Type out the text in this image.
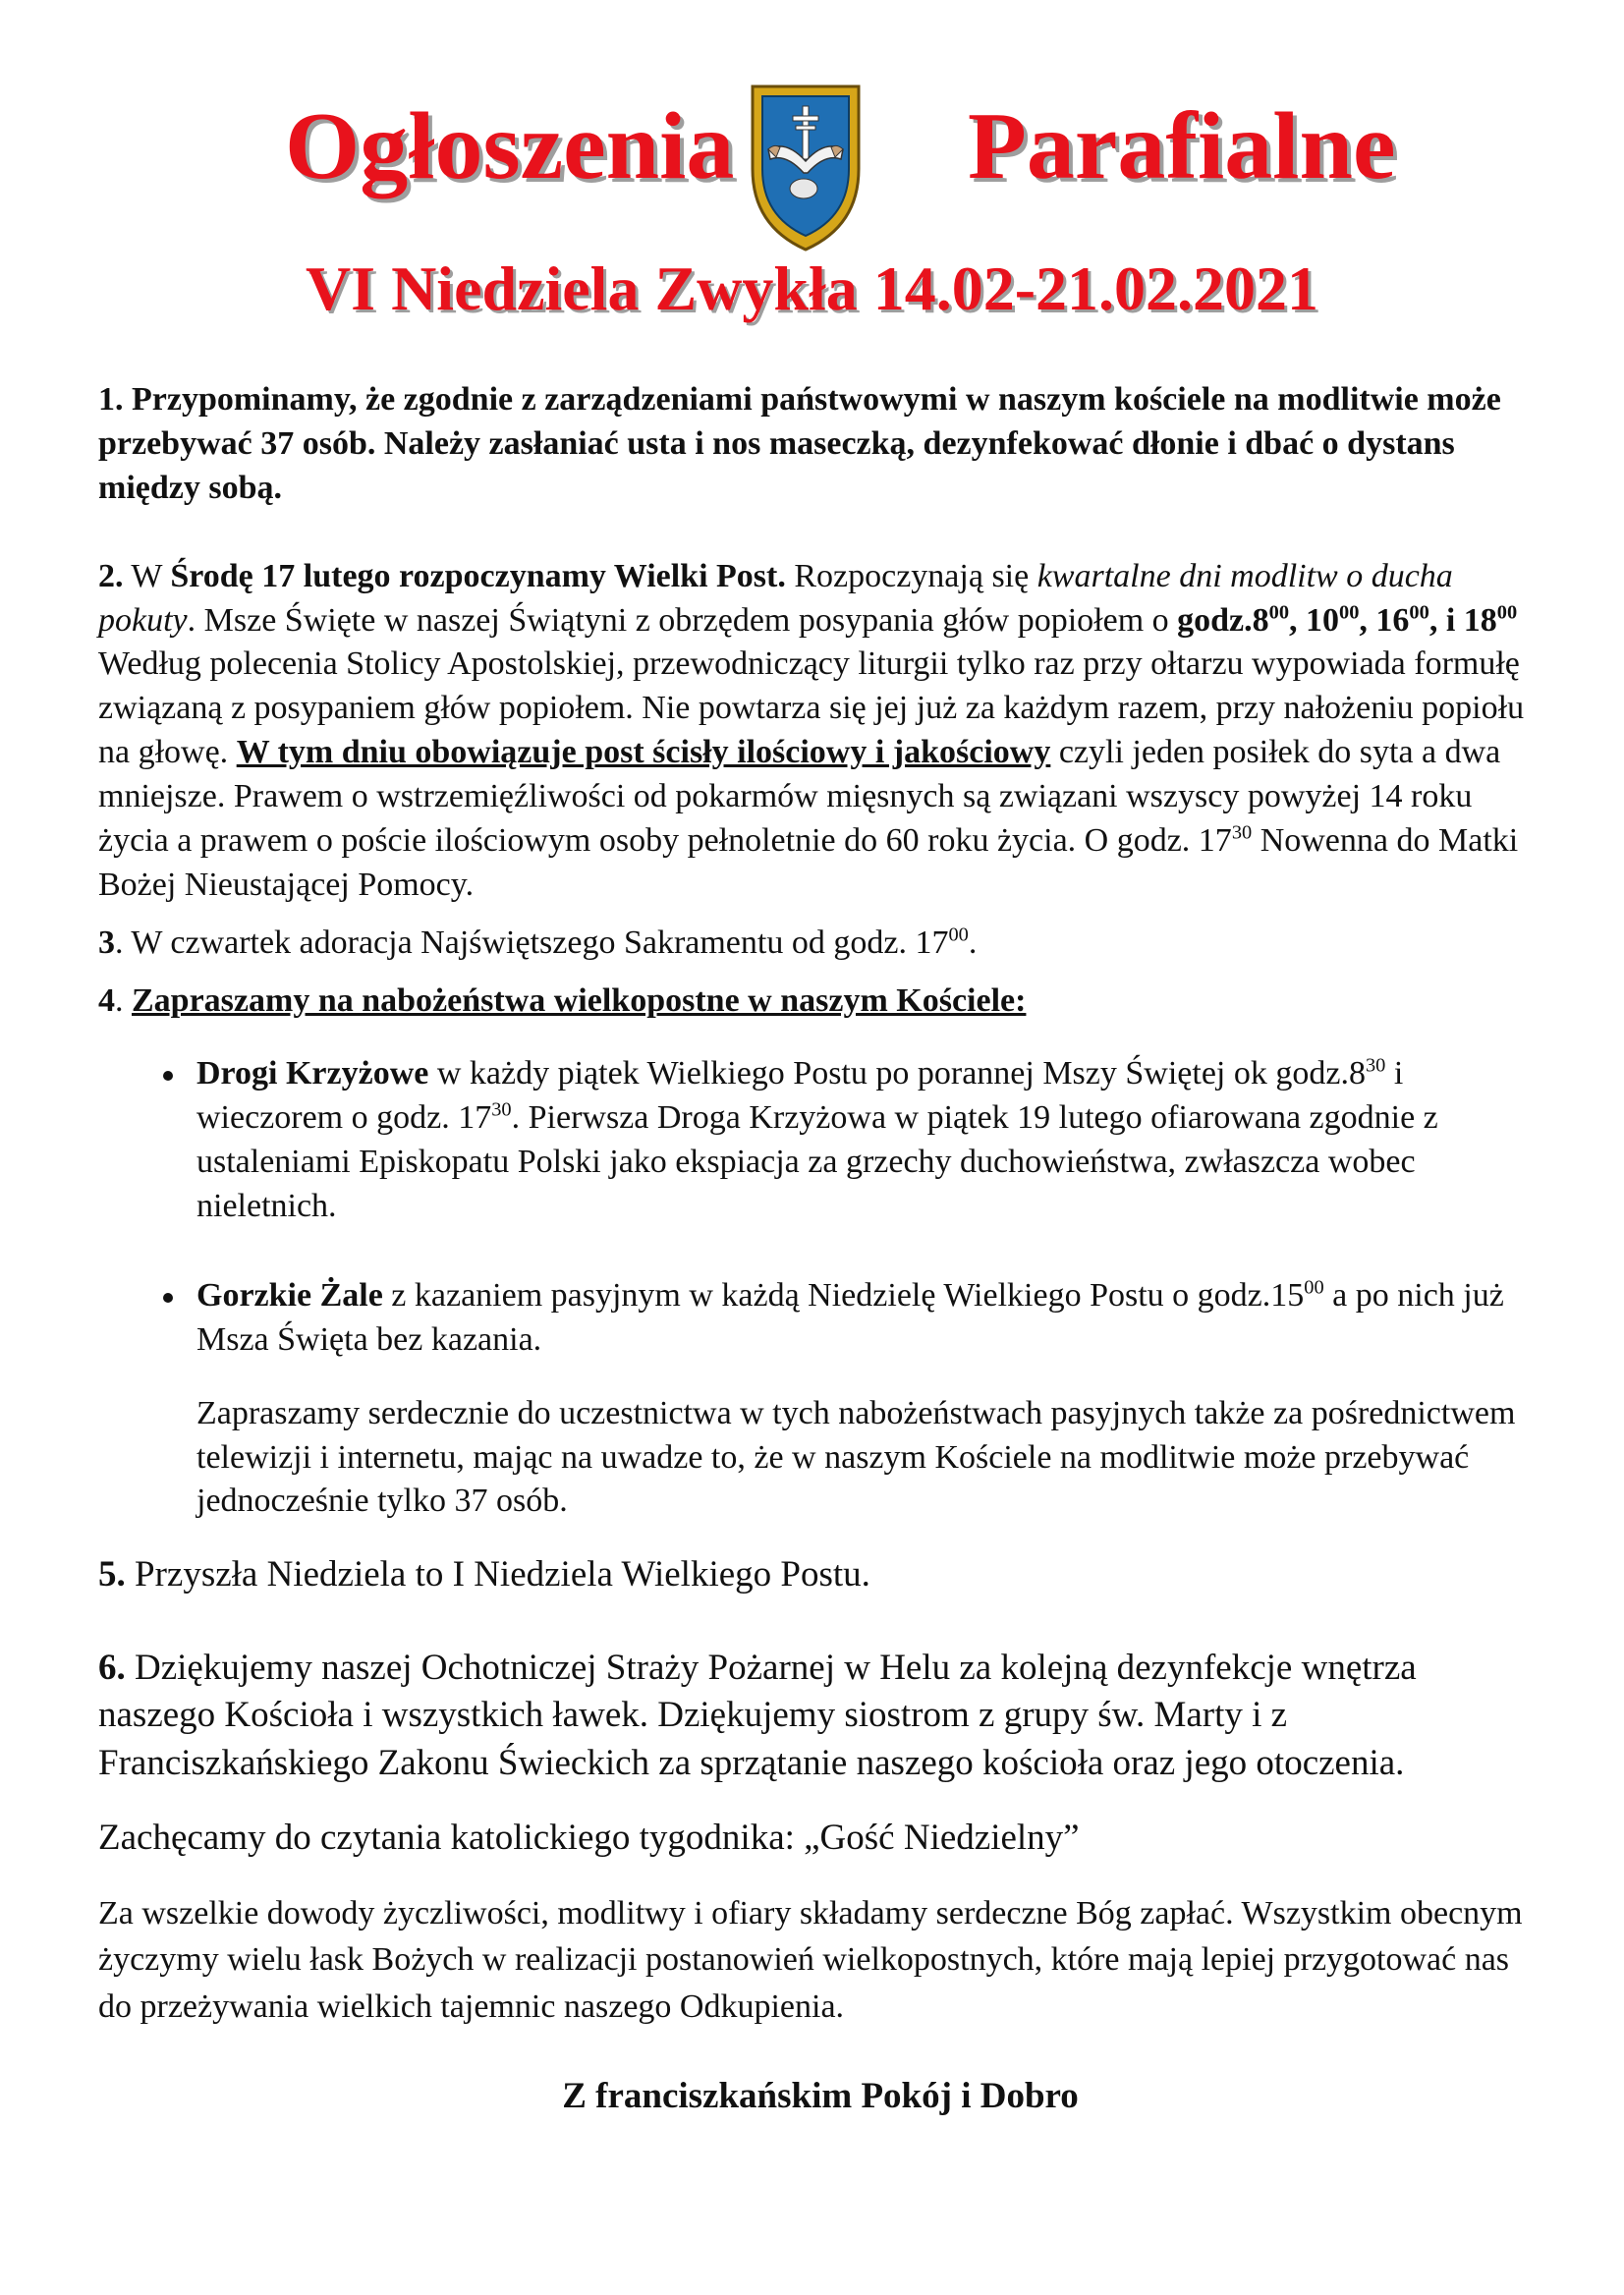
Ogłoszenia Parafialne
VI Niedziela Zwykła 14.02-21.02.2021

1. Przypominamy, że zgodnie z zarządzeniami państwowymi w naszym kościele na modlitwie może przebywać 37 osób. Należy zasłaniać usta i nos maseczką, dezynfekować dłonie i dbać o dystans między sobą.

2. W Środę 17 lutego rozpoczynamy Wielki Post. Rozpoczynają się kwartalne dni modlitw o ducha pokuty. Msze Święte w naszej Świątyni z obrzędem posypania głów popiołem o $godz.8^{00}$, $10^{00}$, $16^{00}$, i $18^{00}$ Według polecenia Stolicy Apostolskiej, przewodniczący liturgii tylko raz przy ołtarzu wypowiada formułę związaną z posypaniem głów popiołem. Nie powtarza się jej już za każdym razem, przy nałożeniu popiołu na głowę. W tym dniu obowiązuje post ścisły ilościowy i jakościowy czyli jeden posiłek do syta a dwa mniejsze. Prawem o wstrzemięźliwości od pokarmów mięsnych są związani wszyscy powyżej 14 roku życia a prawem o poście ilościowym osoby pełnoletnie do 60 roku życia. O godz. $17^{30}$ Nowenna do Matki Bożej Nieustającej Pomocy.

3. W czwartek adoracja Najświętszego Sakramentu od godz. $17^{00}$.

4. Zapraszamy na nabożeństwa wielkopostne w naszym Kościele:

Drogi Krzyżowe w każdy piątek Wielkiego Postu po porannej Mszy Świętej ok $godz.8^{30}$ i wieczorem o godz. $17^{30}$. Pierwsza Droga Krzyżowa w piątek 19 lutego ofiarowana zgodnie z ustaleniami Episkopatu Polski jako ekspiacja za grzechy duchowieństwa, zwłaszcza wobec nieletnich.
Gorzkie Żale z kazaniem pasyjnym w każdą Niedzielę Wielkiego Postu o $godz.15^{00}$ a po nich już Msza Święta bez kazania.

Zapraszamy serdecznie do uczestnictwa w tych nabożeństwach pasyjnych także za pośrednictwem telewizji i internetu, mając na uwadze to, że w naszym Kościele na modlitwie może przebywać jednocześnie tylko 37 osób.

5. Przyszła Niedziela to I Niedziela Wielkiego Postu.

6. Dziękujemy naszej Ochotniczej Straży Pożarnej w Helu za kolejną dezynfekcje wnętrza naszego Kościoła i wszystkich ławek. Dziękujemy siostrom z grupy św. Marty i z Franciszkańskiego Zakonu Świeckich za sprzątanie naszego kościoła oraz jego otoczenia.

Zachęcamy do czytania katolickiego tygodnika: „Gość Niedzielny”

Za wszelkie dowody życzliwości, modlitwy i ofiary składamy serdeczne Bóg zapłać. Wszystkim obecnym życzymy wielu łask Bożych w realizacji postanowień wielkopostnych, które mają lepiej przygotować nas do przeżywania wielkich tajemnic naszego Odkupienia.

Z franciszkańskim Pokój i Dobro
